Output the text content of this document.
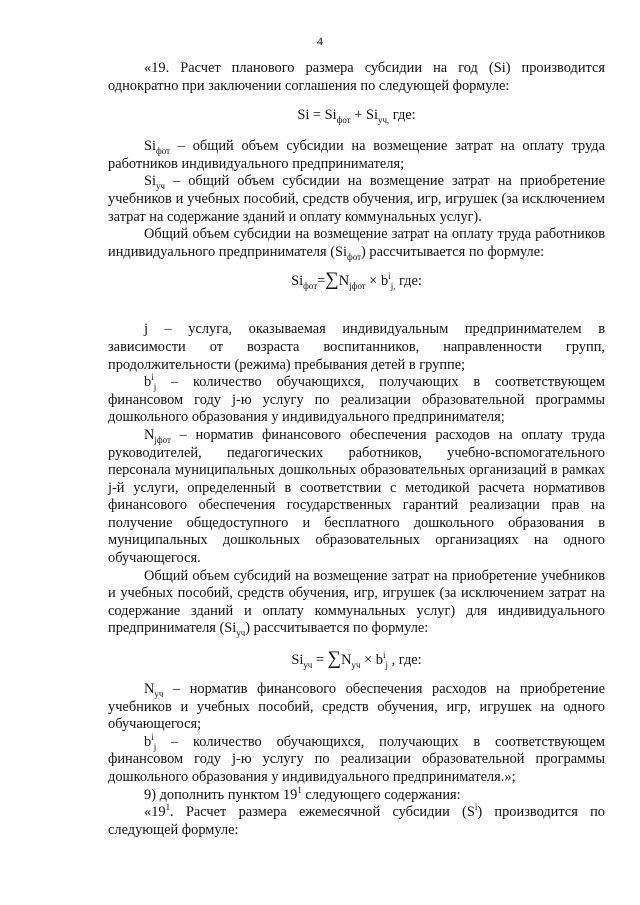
4

«19. Расчет планового размера субсидии на год (Si) производится однократно при заключении соглашения по следующей формуле:

$Si = Si_{фот} + Si_{уч,}$ где:

$Si_{фот}$ – общий объем субсидии на возмещение затрат на оплату труда работников индивидуального предпринимателя;

$Si_{уч}$ – общий объем субсидии на возмещение затрат на приобретение учебников и учебных пособий, средств обучения, игр, игрушек (за исключением затрат на содержание зданий и оплату коммунальных услуг).

Общий объем субсидии на возмещение затрат на оплату труда работников индивидуального предпринимателя $(Si_{фот})$ рассчитывается по формуле:

$Si_{фот}=\sum N_{jфот} \times b^i_{j,}$ где:

j – услуга, оказываемая индивидуальным предпринимателем в зависимости от возраста воспитанников, направленности групп, продолжительности (режима) пребывания детей в группе;

$b^i_j$ – количество обучающихся, получающих в соответствующем финансовом году j-ю услугу по реализации образовательной программы дошкольного образования у индивидуального предпринимателя;

$N_{jфот}$ – норматив финансового обеспечения расходов на оплату труда руководителей, педагогических работников, учебно-вспомогательного персонала муниципальных дошкольных образовательных организаций в рамках j-й услуги, определенный в соответствии с методикой расчета нормативов финансового обеспечения государственных гарантий реализации прав на получение общедоступного и бесплатного дошкольного образования в муниципальных дошкольных образовательных организациях на одного обучающегося.

Общий объем субсидий на возмещение затрат на приобретение учебников и учебных пособий, средств обучения, игр, игрушек (за исключением затрат на содержание зданий и оплату коммунальных услуг) для индивидуального предпринимателя $(Si_{уч})$ рассчитывается по формуле:

$Si_{уч} = \sum N_{уч} \times b^i_j$ , где:

$N_{уч}$ – норматив финансового обеспечения расходов на приобретение учебников и учебных пособий, средств обучения, игр, игрушек на одного обучающегося;

$b^i_j$ – количество обучающихся, получающих в соответствующем финансовом году j-ю услугу по реализации образовательной программы дошкольного образования у индивидуального предпринимателя.»;

9) дополнить пунктом $19^1$ следующего содержания:

«$19^1$. Расчет размера ежемесячной субсидии $(S^i)$ производится по следующей формуле:
